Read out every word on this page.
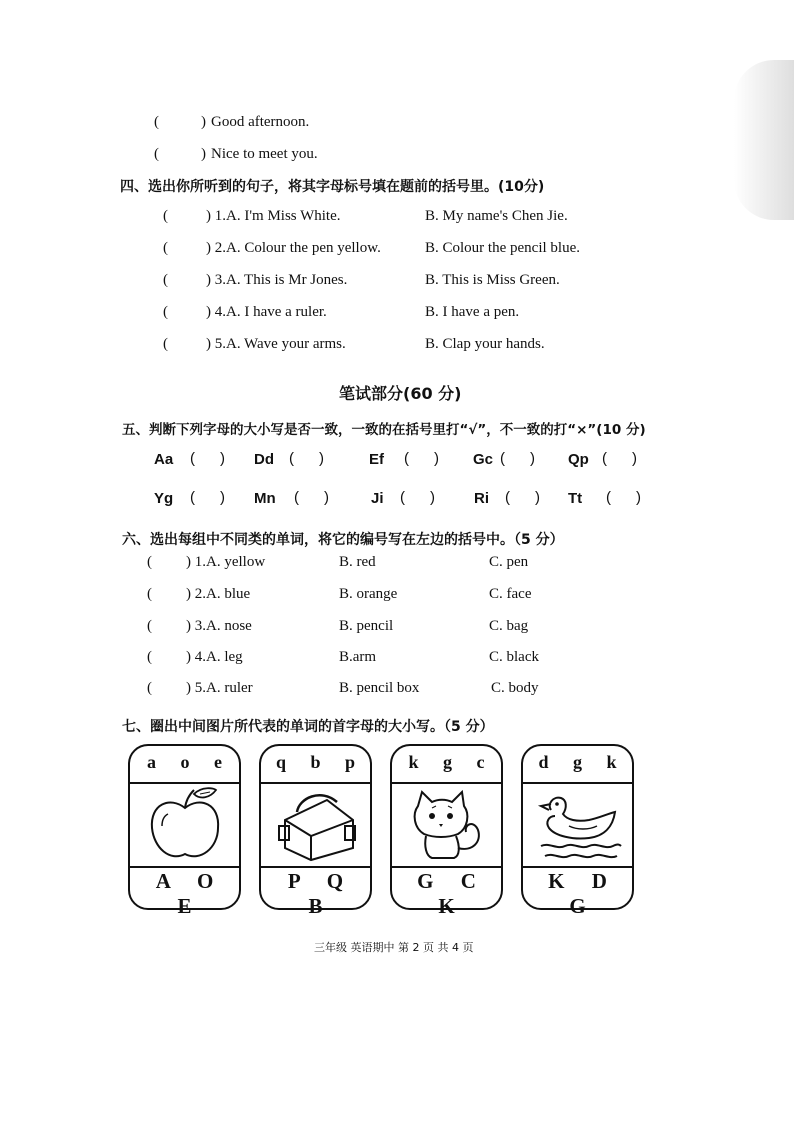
(	) Good afternoon.
(	) Nice to meet you.
四、选出你所听到的句子，将其字母标号填在题前的括号里。(10分)
(	) 1.A. I'm Miss White.	B. My name's Chen Jie.
(	) 2.A. Colour the pen yellow.	B. Colour the pencil blue.
(	) 3.A. This is Mr Jones.	B. This is Miss Green.
(	) 4.A. I have a ruler.	B. I have a pen.
(	) 5.A. Wave your arms.	B. Clap your hands.
笔试部分(60 分)
五、判断下列字母的大小写是否一致，一致的在括号里打“√”，不一致的打“×”(10 分)
Aa (      ) Dd (      )	Ef (      ) Gc (      ) Qp (      )
Yg (      ) Mn (      )	Ji (      )	Ri (      ) Tt (      )
六、选出每组中不同类的单词，将它的编号写在左边的括号中。（5 分）
( ) 1.A. yellow	B. red	C. pen
( ) 2.A. blue	B. orange	C. face
( ) 3.A. nose	B. pencil	C. bag
( ) 4.A. leg	B.arm	C. black
( ) 5.A. ruler	B. pencil box	C. body
七、圈出中间图片所代表的单词的首字母的大小写。（5 分）
a o e
A O E
q b p
P Q B
k g c
G C K
d g k
K D G
三年级 英语期中 第 2 页 共 4 页
